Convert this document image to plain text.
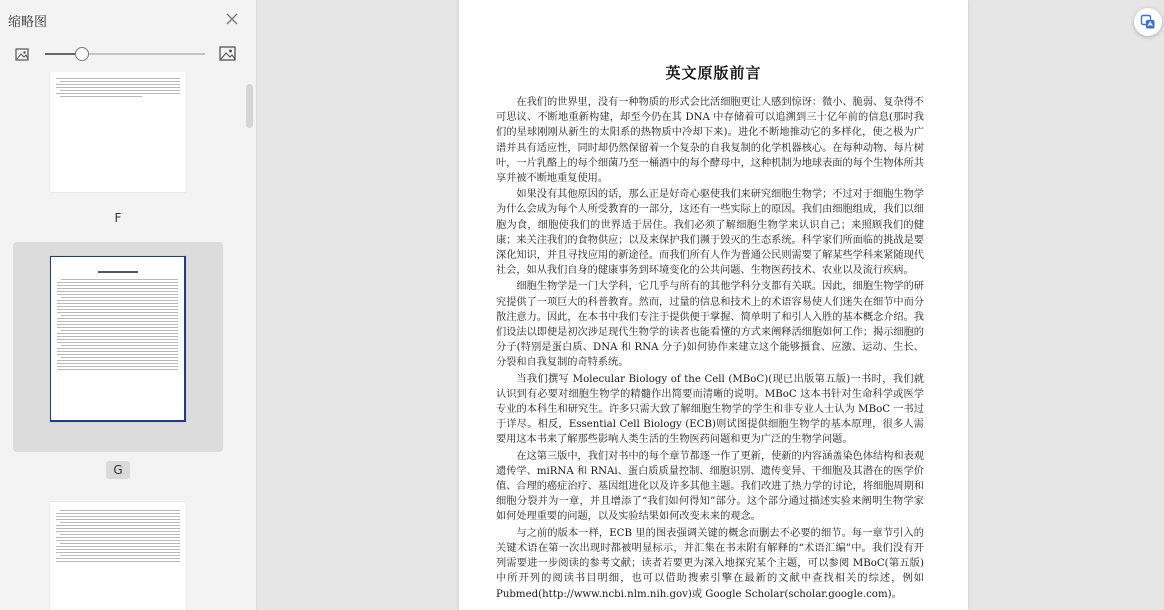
缩略图
F
G
英文原版前言

在我们的世界里，没有一种物质的形式会比活细胞更让人感到惊讶：微小、脆弱、复杂得不可思议、不断地重新构建，却至今仍在其 DNA 中存储着可以追溯到三十亿年前的信息(那时我们的星球刚刚从新生的太阳系的热物质中冷却下来)。进化不断地推动它的多样化，使之极为广谱并具有适应性，同时却仍然保留着一个复杂的自我复制的化学机器核心。在每种动物、每片树叶，一片乳酪上的每个细菌乃至一桶酒中的每个酵母中，这种机制为地球表面的每个生物体所共享并被不断地重复使用。

如果没有其他原因的话，那么正是好奇心驱使我们来研究细胞生物学；不过对于细胞生物学为什么会成为每个人所受教育的一部分，这还有一些实际上的原因。我们由细胞组成，我们以细胞为食，细胞使我们的世界适于居住。我们必须了解细胞生物学来认识自己；来照顾我们的健康；来关注我们的食物供应；以及来保护我们濒于毁灭的生态系统。科学家们所面临的挑战是要深化知识，并且寻找应用的新途径。而我们所有人作为普通公民则需要了解某些学科来紧随现代社会，如从我们自身的健康事务到环境变化的公共问题、生物医药技术、农业以及流行疾病。

细胞生物学是一门大学科，它几乎与所有的其他学科分支都有关联。因此，细胞生物学的研究提供了一项巨大的科普教育。然而，过量的信息和技术上的术语容易使人们迷失在细节中而分散注意力。因此，在本书中我们专注于提供便于掌握、简单明了和引人入胜的基本概念介绍。我们设法以即便是初次涉足现代生物学的读者也能看懂的方式来阐释活细胞如何工作；揭示细胞的分子(特别是蛋白质、DNA 和 RNA 分子)如何协作来建立这个能够摄食、应激、运动、生长、分裂和自我复制的奇特系统。

当我们撰写 Molecular Biology of the Cell (MBoC)(现已出版第五版)一书时，我们就认识到有必要对细胞生物学的精髓作出简要而清晰的说明。MBoC 这本书针对生命科学或医学专业的本科生和研究生。许多只需大致了解细胞生物学的学生和非专业人士认为 MBoC 一书过于详尽。相反，Essential Cell Biology (ECB)则试图提供细胞生物学的基本原理，很多人需要用这本书来了解那些影响人类生活的生物医药问题和更为广泛的生物学问题。

在这第三版中，我们对书中的每个章节都逐一作了更新，使新的内容涵盖染色体结构和表观遗传学、miRNA 和 RNAi、蛋白质质量控制、细胞识别、遗传变异、干细胞及其潜在的医学价值、合理的癌症治疗、基因组进化以及许多其他主题。我们改进了热力学的讨论，将细胞周期和细胞分裂并为一章，并且增添了“我们如何得知”部分。这个部分通过描述实验来阐明生物学家如何处理重要的问题，以及实验结果如何改变未来的观念。

与之前的版本一样，ECB 里的图表强调关键的概念而删去不必要的细节。每一章节引入的关键术语在第一次出现时都被明显标示，并汇集在书末附有解释的“术语汇编”中。我们没有开列需要进一步阅读的参考文献；读者若要更为深入地探究某个主题，可以参阅 MBoC(第五版)中所开列的阅读书目明细，也可以借助搜索引擎在最新的文献中查找相关的综述，例如 Pubmed(http://www.ncbi.nlm.nih.gov)或 Google Scholar(scholar.google.com)。
